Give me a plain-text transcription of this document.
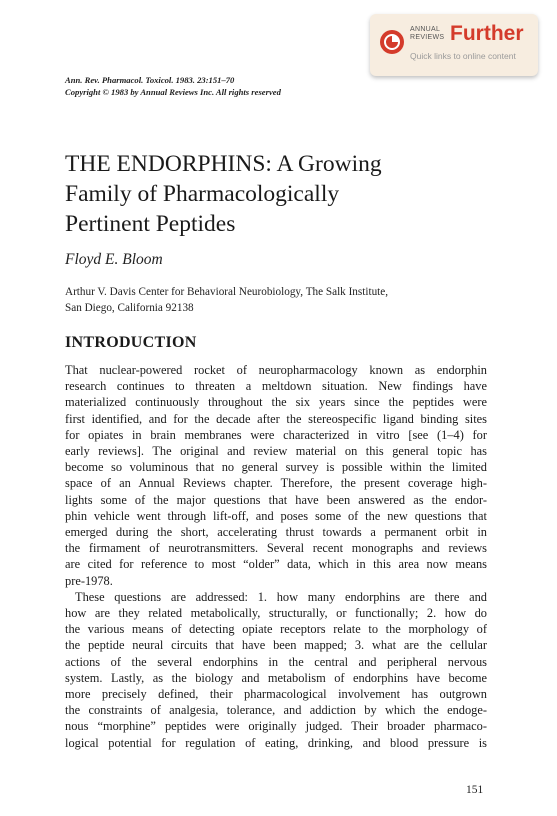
ANNUAL
REVIEWS Further
Quick links to online content
Ann. Rev. Pharmacol. Toxicol. 1983. 23:151–70
Copyright © 1983 by Annual Reviews Inc. All rights reserved
THE ENDORPHINS: A Growing
Family of Pharmacologically
Pertinent Peptides
Floyd E. Bloom
Arthur V. Davis Center for Behavioral Neurobiology, The Salk Institute,
San Diego, California 92138
INTRODUCTION
That nuclear-powered rocket of neuropharmacology known as endorphin
research continues to threaten a meltdown situation. New findings have
materialized continuously throughout the six years since the peptides were
first identified, and for the decade after the stereospecific ligand binding sites
for opiates in brain membranes were characterized in vitro [see (1–4) for
early reviews]. The original and review material on this general topic has
become so voluminous that no general survey is possible within the limited
space of an Annual Reviews chapter. Therefore, the present coverage high-
lights some of the major questions that have been answered as the endor-
phin vehicle went through lift-off, and poses some of the new questions that
emerged during the short, accelerating thrust towards a permanent orbit in
the firmament of neurotransmitters. Several recent monographs and reviews
are cited for reference to most “older” data, which in this area now means
pre-1978.
These questions are addressed: 1. how many endorphins are there and
how are they related metabolically, structurally, or functionally; 2. how do
the various means of detecting opiate receptors relate to the morphology of
the peptide neural circuits that have been mapped; 3. what are the cellular
actions of the several endorphins in the central and peripheral nervous
system. Lastly, as the biology and metabolism of endorphins have become
more precisely defined, their pharmacological involvement has outgrown
the constraints of analgesia, tolerance, and addiction by which the endoge-
nous “morphine” peptides were originally judged. Their broader pharmaco-
logical potential for regulation of eating, drinking, and blood pressure is
151
